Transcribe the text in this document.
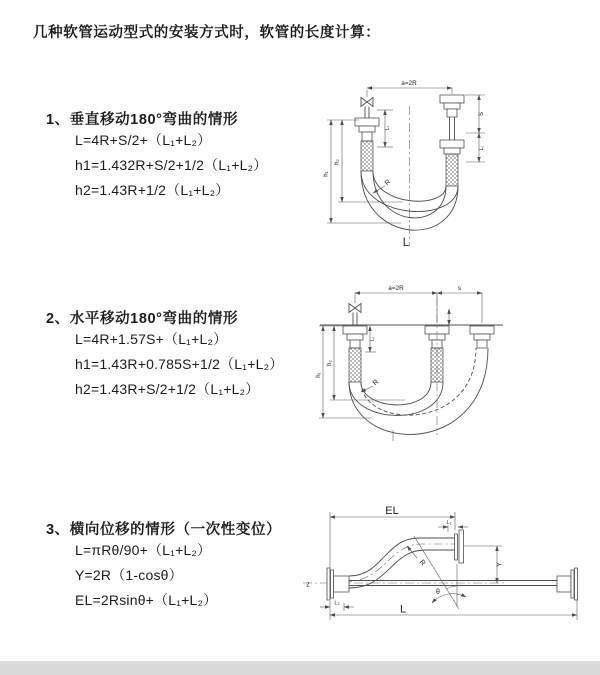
几种软管运动型式的安装方式时，软管的长度计算：
1、垂直移动180°弯曲的情形
L=4R+S/2+（L₁+L₂）
h1=1.432R+S/2+1/2（L₁+L₂）
h2=1.43R+1/2（L₁+L₂）
2、水平移动180°弯曲的情形
L=4R+1.57S+（L₁+L₂）
h1=1.43R+0.785S+1/2（L₁+L₂）
h2=1.43R+S/2+1/2（L₁+L₂）
3、横向位移的情形（一次性变位）
L=πRθ/90+（L₁+L₂）
Y=2R（1-cosθ）
EL=2Rsinθ+（L₁+L₂）
a=2R
h₂
h₁
L₁
S
L₁
R
L
a=2R	s
h₂
h₁
L₁
R
EL
L₁
θ
Y
z
L
L₂
R
